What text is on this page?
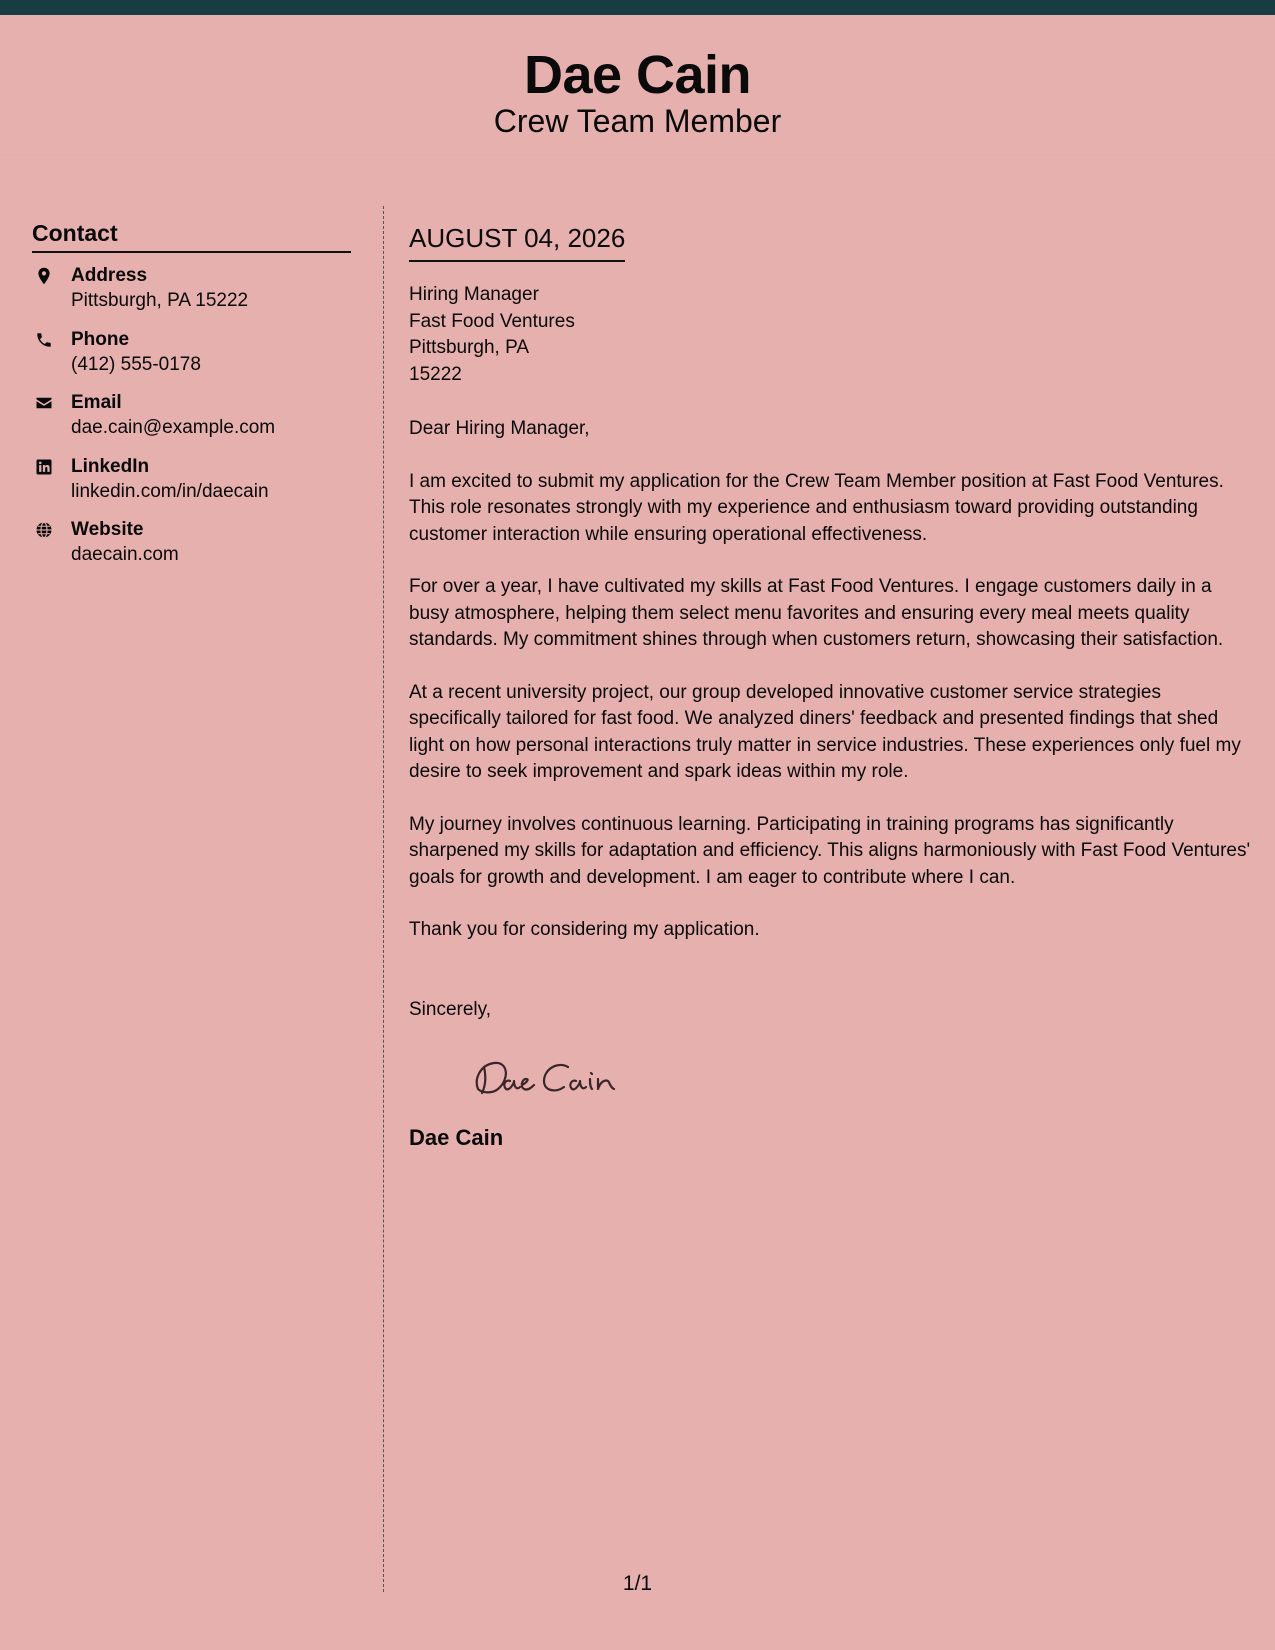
Dae Cain
Crew Team Member
Contact
Address
Pittsburgh, PA 15222
Phone
(412) 555-0178
Email
dae.cain@example.com
LinkedIn
linkedin.com/in/daecain
Website
daecain.com
AUGUST 04, 2026
Hiring Manager
Fast Food Ventures
Pittsburgh, PA
15222
Dear Hiring Manager,

I am excited to submit my application for the Crew Team Member position at Fast Food Ventures. This role resonates strongly with my experience and enthusiasm toward providing outstanding customer interaction while ensuring operational effectiveness.

For over a year, I have cultivated my skills at Fast Food Ventures. I engage customers daily in a busy atmosphere, helping them select menu favorites and ensuring every meal meets quality standards. My commitment shines through when customers return, showcasing their satisfaction.

At a recent university project, our group developed innovative customer service strategies specifically tailored for fast food. We analyzed diners' feedback and presented findings that shed light on how personal interactions truly matter in service industries. These experiences only fuel my desire to seek improvement and spark ideas within my role.

My journey involves continuous learning. Participating in training programs has significantly sharpened my skills for adaptation and efficiency. This aligns harmoniously with Fast Food Ventures' goals for growth and development. I am eager to contribute where I can.

Thank you for considering my application.

Sincerely,
Dae Cain
1/1
